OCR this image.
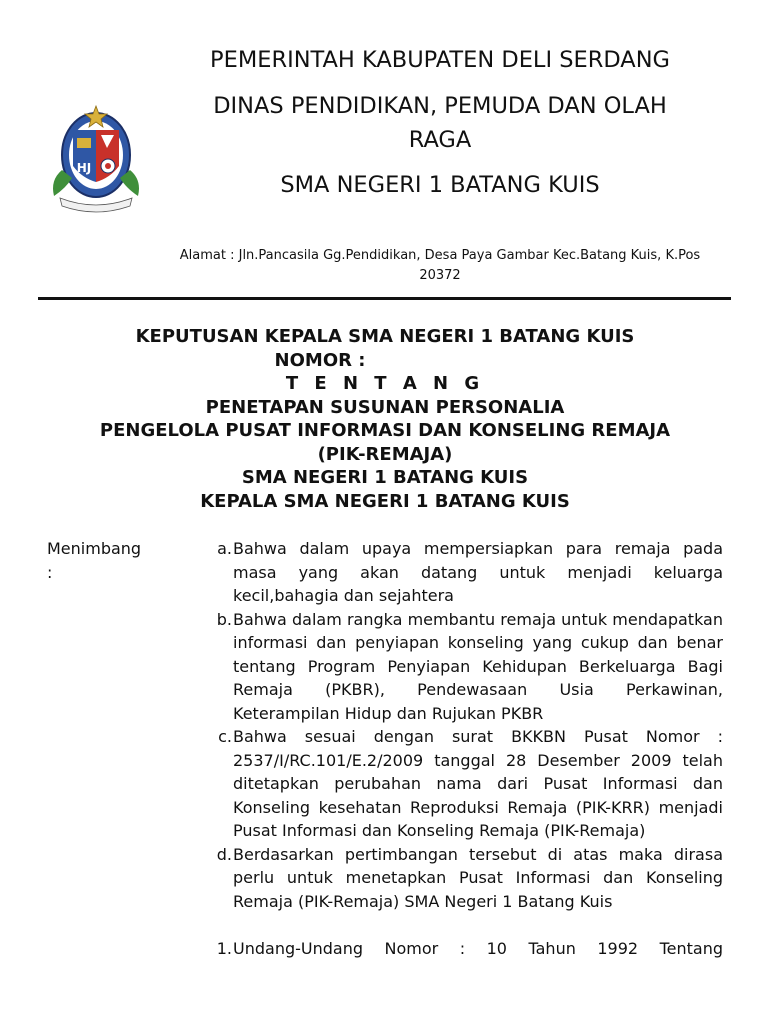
HJ
PEMERINTAH KABUPATEN DELI SERDANG
DINAS PENDIDIKAN, PEMUDA DAN OLAH
RAGA
SMA NEGERI 1 BATANG KUIS
Alamat : Jln.Pancasila Gg.Pendidikan, Desa Paya Gambar Kec.Batang Kuis, K.Pos
20372
KEPUTUSAN KEPALA SMA NEGERI 1 BATANG KUIS
NOMOR :
T E N T A N G
PENETAPAN SUSUNAN PERSONALIA
PENGELOLA PUSAT INFORMASI DAN KONSELING REMAJA
(PIK-REMAJA)
SMA NEGERI 1 BATANG KUIS
KEPALA SMA NEGERI 1 BATANG KUIS
Menimbang
:
a. Bahwa dalam upaya mempersiapkan para remaja pada masa yang akan datang untuk menjadi keluarga kecil,bahagia dan sejahtera
b. Bahwa dalam rangka membantu remaja untuk mendapatkan informasi dan penyiapan konseling yang cukup dan benar tentang Program Penyiapan Kehidupan Berkeluarga Bagi Remaja (PKBR), Pendewasaan Usia Perkawinan, Keterampilan Hidup dan Rujukan PKBR
c. Bahwa sesuai dengan surat BKKBN Pusat Nomor : 2537/I/RC.101/E.2/2009 tanggal 28 Desember 2009 telah ditetapkan perubahan nama dari Pusat Informasi dan Konseling kesehatan Reproduksi Remaja (PIK-KRR) menjadi Pusat Informasi dan Konseling Remaja (PIK-Remaja)
d. Berdasarkan pertimbangan tersebut di atas maka dirasa perlu untuk menetapkan Pusat Informasi dan Konseling Remaja (PIK-Remaja) SMA Negeri 1 Batang Kuis
1. Undang-Undang Nomor : 10 Tahun 1992 Tentang
